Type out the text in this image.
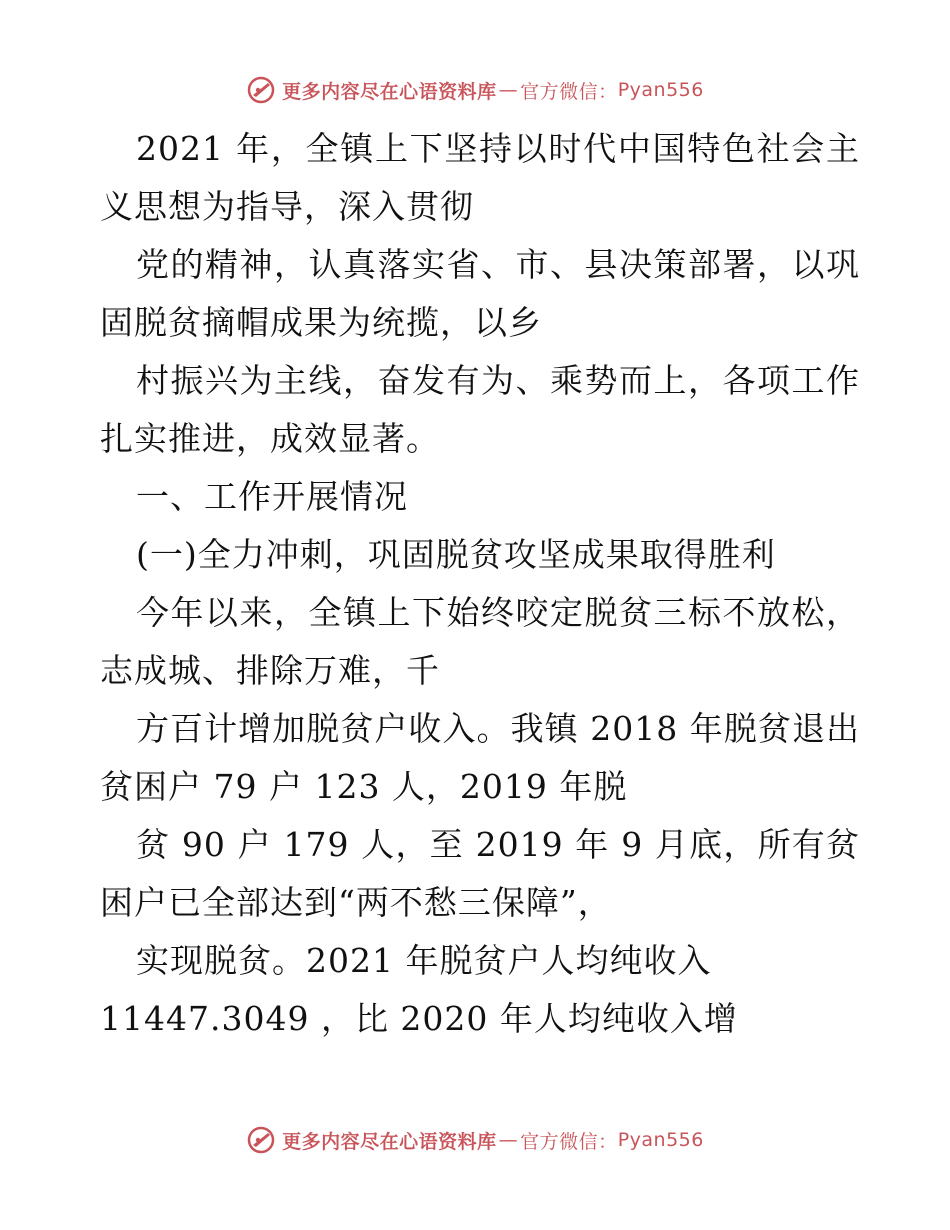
更多内容尽在心语资料库 — 官方微信： Pyan556
2021 年，全镇上下坚持以时代中国特色社会主
义思想为指导，深入贯彻
党的精神，认真落实省、市、县决策部署，以巩
固脱贫摘帽成果为统揽，以乡
村振兴为主线，奋发有为、乘势而上，各项工作
扎实推进，成效显著。
一、工作开展情况
(一)全力冲刺，巩固脱贫攻坚成果取得胜利
今年以来，全镇上下始终咬定脱贫三标不放松，
志成城、排除万难，千
方百计增加脱贫户收入。我镇 2018 年脱贫退出
贫困户 79 户 123 人，2019 年脱
贫 90 户 179 人，至 2019 年 9 月底，所有贫
困户已全部达到“两不愁三保障”，
实现脱贫。2021 年脱贫户人均纯收入
11447.3049 ，比 2020 年人均纯收入增
更多内容尽在心语资料库 — 官方微信： Pyan556
